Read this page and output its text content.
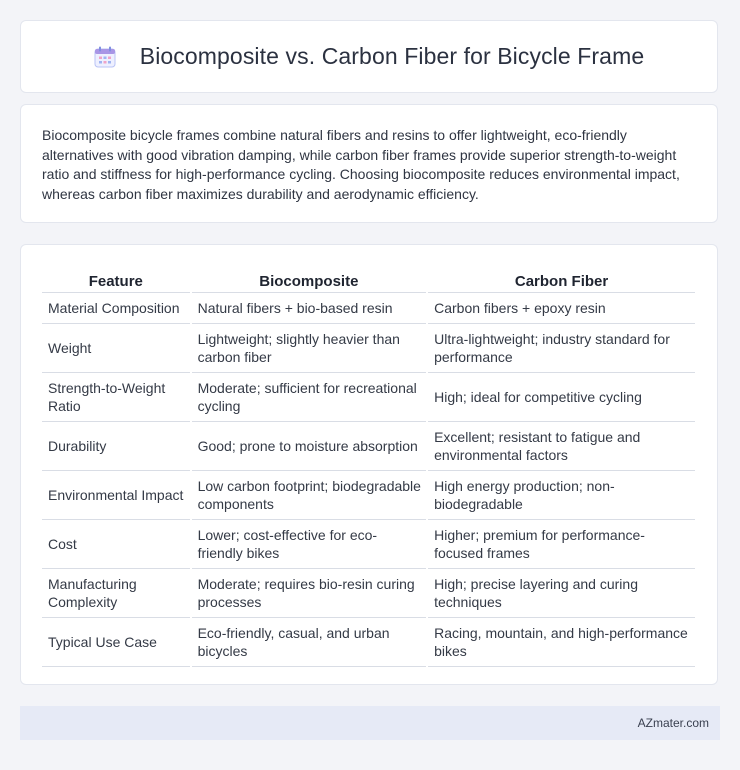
Biocomposite vs. Carbon Fiber for Bicycle Frame

Biocomposite bicycle frames combine natural fibers and resins to offer lightweight, eco-friendly alternatives with good vibration damping, while carbon fiber frames provide superior strength-to-weight ratio and stiffness for high-performance cycling. Choosing biocomposite reduces environmental impact, whereas carbon fiber maximizes durability and aerodynamic efficiency.

Feature	Biocomposite	Carbon Fiber
Material Composition	Natural fibers + bio-based resin	Carbon fibers + epoxy resin
Weight	Lightweight; slightly heavier than carbon fiber	Ultra-lightweight; industry standard for performance
Strength-to-Weight Ratio	Moderate; sufficient for recreational cycling	High; ideal for competitive cycling
Durability	Good; prone to moisture absorption	Excellent; resistant to fatigue and environmental factors
Environmental Impact	Low carbon footprint; biodegradable components	High energy production; non-biodegradable
Cost	Lower; cost-effective for eco-friendly bikes	Higher; premium for performance-focused frames
Manufacturing Complexity	Moderate; requires bio-resin curing processes	High; precise layering and curing techniques
Typical Use Case	Eco-friendly, casual, and urban bicycles	Racing, mountain, and high-performance bikes
AZmater.com
